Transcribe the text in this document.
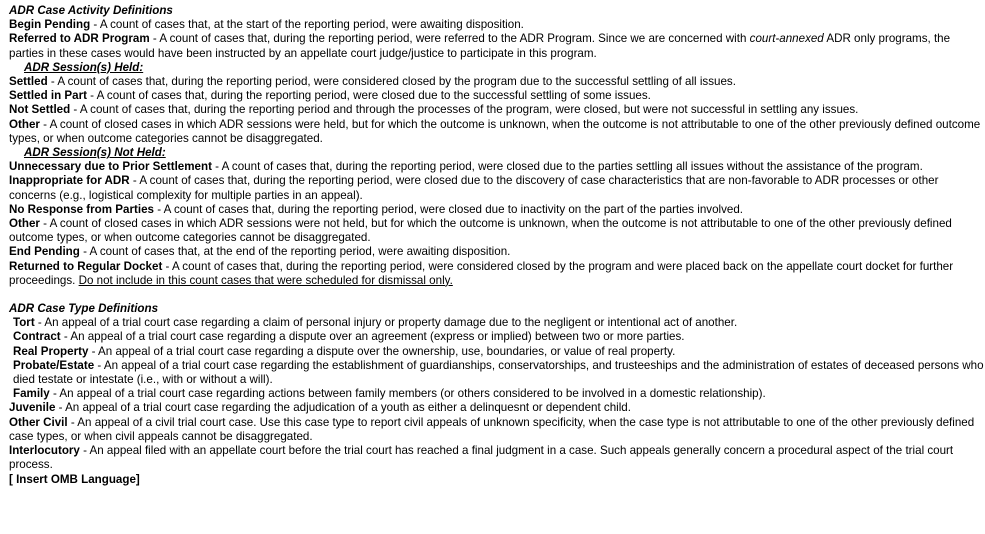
ADR Case Activity Definitions
Begin Pending - A count of cases that, at the start of the reporting period, were awaiting disposition.
Referred to ADR Program - A count of cases that, during the reporting period, were referred to the ADR Program. Since we are concerned with court-annexed ADR only programs, the parties in these cases would have been instructed by an appellate court judge/justice to participate in this program.
ADR Session(s) Held:
Settled - A count of cases that, during the reporting period, were considered closed by the program due to the successful settling of all issues.
Settled in Part - A count of cases that, during the reporting period, were closed due to the successful settling of some issues.
Not Settled - A count of cases that, during the reporting period and through the processes of the program, were closed, but were not successful in settling any issues.
Other - A count of closed cases in which ADR sessions were held, but for which the outcome is unknown, when the outcome is not attributable to one of the other previously defined outcome types, or when outcome categories cannot be disaggregated.
ADR Session(s) Not Held:
Unnecessary due to Prior Settlement - A count of cases that, during the reporting period, were closed due to the parties settling all issues without the assistance of the program.
Inappropriate for ADR - A count of cases that, during the reporting period, were closed due to the discovery of case characteristics that are non-favorable to ADR processes or other concerns (e.g., logistical complexity for multiple parties in an appeal).
No Response from Parties - A count of cases that, during the reporting period, were closed due to inactivity on the part of the parties involved.
Other - A count of closed cases in which ADR sessions were not held, but for which the outcome is unknown, when the outcome is not attributable to one of the other previously defined outcome types, or when outcome categories cannot be disaggregated.
End Pending - A count of cases that, at the end of the reporting period, were awaiting disposition.
Returned to Regular Docket - A count of cases that, during the reporting period, were considered closed by the program and were placed back on the appellate court docket for further proceedings. Do not include in this count cases that were scheduled for dismissal only.
ADR Case Type Definitions
Tort - An appeal of a trial court case regarding a claim of personal injury or property damage due to the negligent or intentional act of another.
Contract - An appeal of a trial court case regarding a dispute over an agreement (express or implied) between two or more parties.
Real Property - An appeal of a trial court case regarding a dispute over the ownership, use, boundaries, or value of real property.
Probate/Estate - An appeal of a trial court case regarding the establishment of guardianships, conservatorships, and trusteeships and the administration of estates of deceased persons who died testate or intestate (i.e., with or without a will).
Family - An appeal of a trial court case regarding actions between family members (or others considered to be involved in a domestic relationship).
Juvenile - An appeal of a trial court case regarding the adjudication of a youth as either a delinquesnt or dependent child.
Other Civil - An appeal of a civil trial court case. Use this case type to report civil appeals of unknown specificity, when the case type is not attributable to one of the other previously defined case types, or when civil appeals cannot be disaggregated.
Interlocutory - An appeal filed with an appellate court before the trial court has reached a final judgment in a case. Such appeals generally concern a procedural aspect of the trial court process.
[ Insert OMB Language]
